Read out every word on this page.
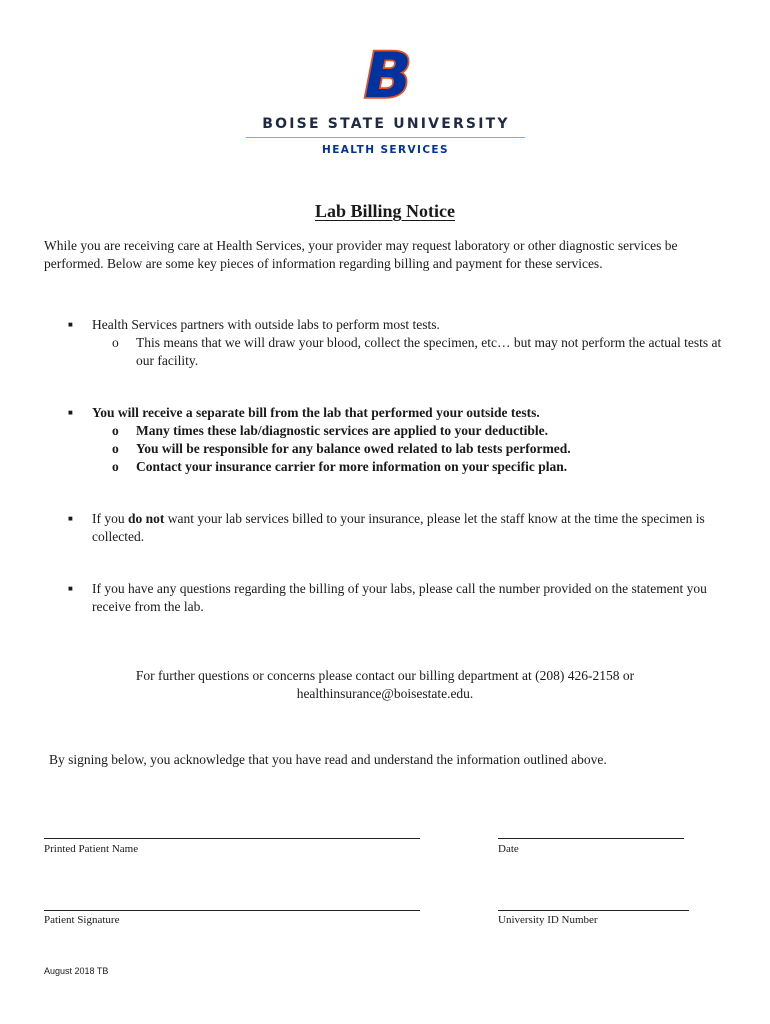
B
BOISE STATE UNIVERSITY
HEALTH SERVICES
Lab Billing Notice
While you are receiving care at Health Services, your provider may request laboratory or other diagnostic services be performed. Below are some key pieces of information regarding billing and payment for these services.
■	Health Services partners with outside labs to perform most tests.
o	This means that we will draw your blood, collect the specimen, etc… but may not perform the actual tests at our facility.
■	You will receive a separate bill from the lab that performed your outside tests.
o	Many times these lab/diagnostic services are applied to your deductible.
o	You will be responsible for any balance owed related to lab tests performed.
o	Contact your insurance carrier for more information on your specific plan.
■	If you do not want your lab services billed to your insurance, please let the staff know at the time the specimen is collected.
■	If you have any questions regarding the billing of your labs, please call the number provided on the statement you receive from the lab.
For further questions or concerns please contact our billing department at (208) 426-2158 or healthinsurance@boisestate.edu.
By signing below, you acknowledge that you have read and understand the information outlined above.
Printed Patient Name	Date
Patient Signature	University ID Number
August 2018 TB
